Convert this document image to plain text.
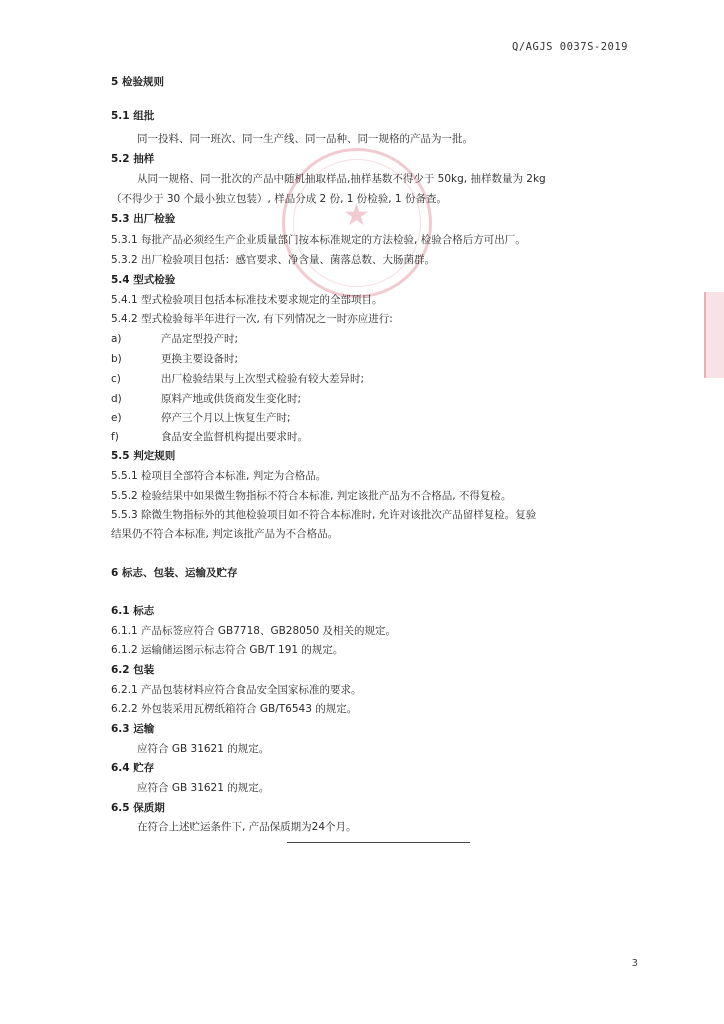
Q/AGJS 0037S-2019
★
5 检验规则
5.1 组批
同一投料、同一班次、同一生产线、同一品种、同一规格的产品为一批。
5.2 抽样
从同一规格、同一批次的产品中随机抽取样品,抽样基数不得少于 50kg, 抽样数量为 2kg
（不得少于 30 个最小独立包装）, 样品分成 2 份, 1 份检验, 1 份备查。
5.3 出厂检验
5.3.1 每批产品必须经生产企业质量部门按本标准规定的方法检验, 检验合格后方可出厂。
5.3.2 出厂检验项目包括：感官要求、净含量、菌落总数、大肠菌群。
5.4 型式检验
5.4.1 型式检验项目包括本标准技术要求规定的全部项目。
5.4.2 型式检验每半年进行一次, 有下列情况之一时亦应进行:
a)	产品定型投产时;
b)	更换主要设备时;
c)	出厂检验结果与上次型式检验有较大差异时;
d)	原料产地或供货商发生变化时;
e)	停产三个月以上恢复生产时;
f)	食品安全监督机构提出要求时。
5.5 判定规则
5.5.1 检项目全部符合本标准, 判定为合格品。
5.5.2 检验结果中如果微生物指标不符合本标准, 判定该批产品为不合格品, 不得复检。
5.5.3 除微生物指标外的其他检验项目如不符合本标准时, 允许对该批次产品留样复检。复验
结果仍不符合本标准, 判定该批产品为不合格品。
6 标志、包装、运输及贮存
6.1 标志
6.1.1 产品标签应符合 GB7718、GB28050 及相关的规定。
6.1.2 运输储运图示标志符合 GB/T 191 的规定。
6.2 包装
6.2.1 产品包装材料应符合食品安全国家标准的要求。
6.2.2 外包装采用瓦楞纸箱符合 GB/T6543 的规定。
6.3 运输
应符合 GB 31621 的规定。
6.4 贮存
应符合 GB 31621 的规定。
6.5 保质期
在符合上述贮运条件下, 产品保质期为24个月。
3
